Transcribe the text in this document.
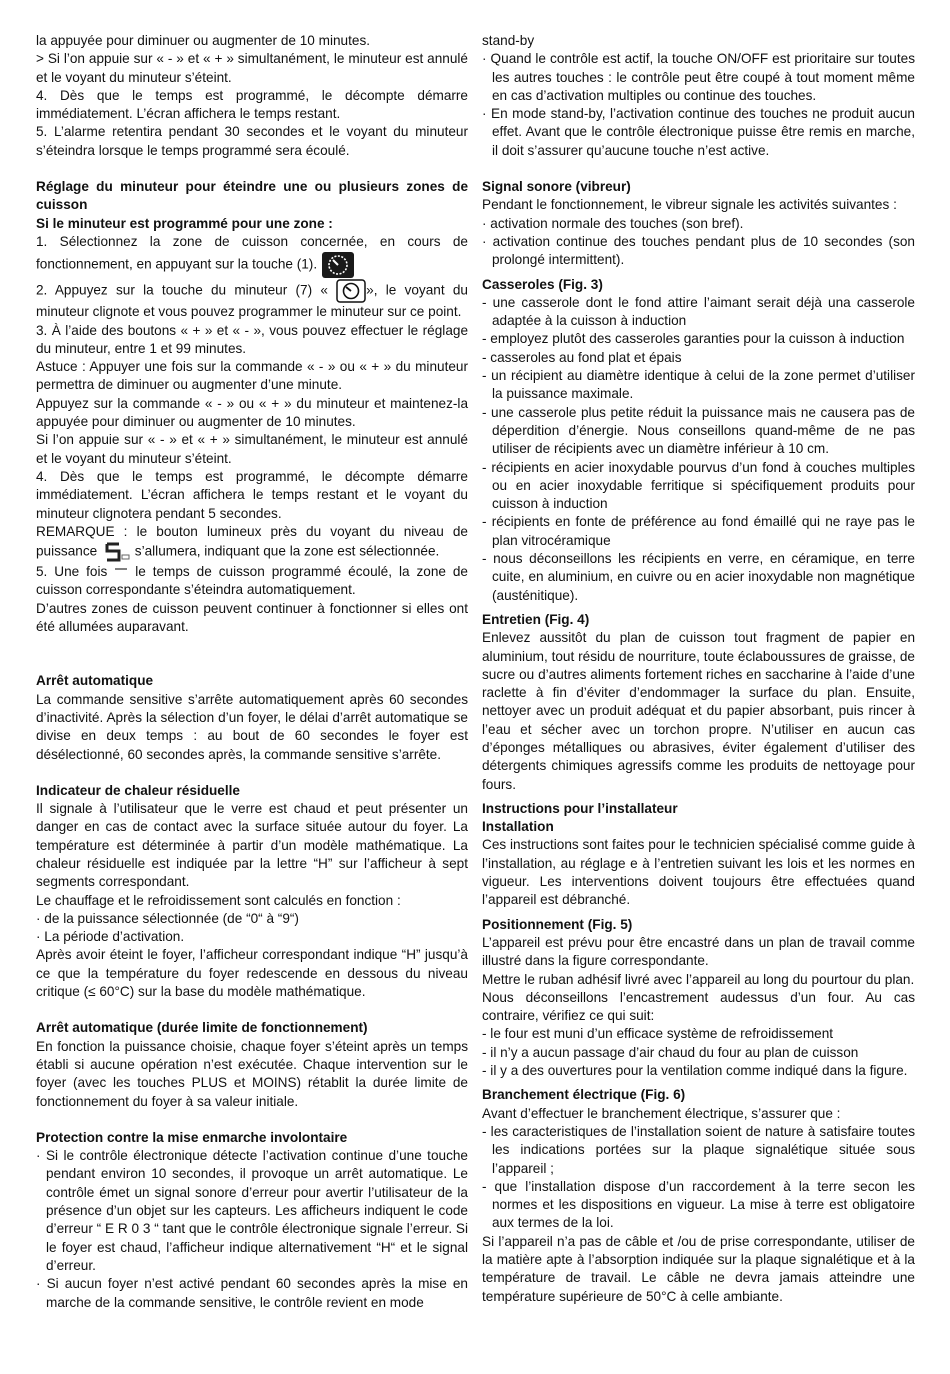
la appuyée pour diminuer ou augmenter de 10 minutes.

> Si l’on appuie sur « - » et « + » simultanément, le minuteur est annulé et le voyant du minuteur s’éteint.

4. Dès que le temps est programmé, le décompte démarre immédiatement. L’écran affichera le temps restant.

5. L’alarme retentira pendant 30 secondes et le voyant du minuteur s’éteindra lorsque le temps programmé sera écoulé.

Réglage du minuteur pour éteindre une ou plusieurs zones de cuisson

Si le minuteur est programmé pour une zone :

1. Sélectionnez la zone de cuisson concernée, en cours de fonctionnement, en appuyant sur la touche (1).

2. Appuyez sur la touche du minuteur (7) «	», le voyant du minuteur clignote et vous pouvez programmer le minuteur sur ce point.

3. À l’aide des boutons « + » et « - », vous pouvez effectuer le réglage du minuteur, entre 1 et 99 minutes.

Astuce : Appuyer une fois sur la commande « - » ou « + » du minuteur permettra de diminuer ou augmenter d’une minute.

Appuyez sur la commande « - » ou « + » du minuteur et maintenez-la appuyée pour diminuer ou augmenter de 10 minutes.

Si l’on appuie sur « - » et « + » simultanément, le minuteur est annulé et le voyant du minuteur s’éteint.

4. Dès que le temps est programmé, le décompte démarre immédiatement. L’écran affichera le temps restant et le voyant du minuteur clignotera pendant 5 secondes.

REMARQUE : le bouton lumineux près du voyant du niveau de puissance	s’allumera, indiquant que la zone est sélectionnée.

5. Une fois le temps de cuisson programmé écoulé, la zone de cuisson correspondante s’éteindra automatiquement.

D’autres zones de cuisson peuvent continuer à fonctionner si elles ont été allumées auparavant.

Arrêt automatique

La commande sensitive s’arrête automatiquement après 60 secondes d’inactivité. Après la sélection d’un foyer, le délai d’arrêt automatique se divise en deux temps : au bout de 60 secondes le foyer est désélectionné, 60 secondes après, la commande sensitive s’arrête.

Indicateur de chaleur résiduelle

Il signale à l’utilisateur que le verre est chaud et peut présenter un danger en cas de contact avec la surface située autour du foyer. La température est déterminée à partir d’un modèle mathématique. La chaleur résiduelle est indiquée par la lettre “H” sur l’afficheur à sept segments correspondant.

Le chauffage et le refroidissement sont calculés en fonction :

· de la puissance sélectionnée (de “0“ à “9“)

· La période d’activation.

Après avoir éteint le foyer, l’afficheur correspondant indique “H” jusqu’à ce que la température du foyer redescende en dessous du niveau critique (≤ 60°C) sur la base du modèle mathématique.

Arrêt automatique (durée limite de fonctionnement)

En fonction la puissance choisie, chaque foyer s’éteint après un temps établi si aucune opération n’est exécutée. Chaque intervention sur le foyer (avec les touches PLUS et MOINS) rétablit la durée limite de fonctionnement du foyer à sa valeur initiale.

Protection contre la mise enmarche involontaire

· Si le contrôle électronique détecte l’activation continue d’une touche pendant environ 10 secondes, il provoque un arrêt automatique. Le contrôle émet un signal sonore d’erreur pour avertir l’utilisateur de la présence d’un objet sur les capteurs. Les afficheurs indiquent le code d’erreur “ E R 0 3 “ tant que le contrôle électronique signale l’erreur. Si le foyer est chaud, l’afficheur indique alternativement “H“ et le signal d’erreur.

· Si aucun foyer n’est activé pendant 60 secondes après la mise en marche de la commande sensitive, le contrôle revient en mode

stand-by

· Quand le contrôle est actif, la touche ON/OFF est prioritaire sur toutes les autres touches : le contrôle peut être coupé à tout moment même en cas d’activation multiples ou continue des touches.

· En mode stand-by, l’activation continue des touches ne produit aucun effet. Avant que le contrôle électronique puisse être remis en marche, il doit s’assurer qu’aucune touche n’est active.

Signal sonore (vibreur)

Pendant le fonctionnement, le vibreur signale les activités suivantes :

· activation normale des touches (son bref).

· activation continue des touches pendant plus de 10 secondes (son prolongé intermittent).

Casseroles (Fig. 3)

- une casserole dont le fond attire l’aimant serait déjà una casserole adaptée à la cuisson à induction

- employez plutôt des casseroles garanties pour la cuisson à induction

- casseroles au fond plat et épais

- un récipient au diamètre identique à celui de la zone permet d’utiliser la puissance maximale.

- une casserole plus petite réduit la puissance mais ne causera pas de déperdition d’énergie. Nous conseillons quand-même de ne pas utiliser de récipients avec un diamètre inférieur à 10 cm.

- récipients en acier inoxydable pourvus d’un fond à couches multiples ou en acier inoxydable ferritique si spécifiquement produits pour cuisson à induction

- récipients en fonte de préférence au fond émaillé qui ne raye pas le plan vitrocéramique

- nous déconseillons les récipients en verre, en céramique, en terre cuite, en aluminium, en cuivre ou en acier inoxydable non magnétique (austénitique).

Entretien (Fig. 4)

Enlevez aussitôt du plan de cuisson tout fragment de papier en aluminium, tout résidu de nourriture, toute éclaboussures de graisse, de sucre ou d’autres aliments fortement riches en saccharine à l’aide d’une raclette à fin d’éviter d’endommager la surface du plan. Ensuite, nettoyer avec un produit adéquat et du papier absorbant, puis rincer à l’eau et sécher avec un torchon propre. N’utiliser en aucun cas d’éponges métalliques ou abrasives, éviter également d’utiliser des détergents chimiques agressifs comme les produits de nettoyage pour fours.

Instructions pour l’installateur

Installation

Ces instructions sont faites pour le technicien spécialisé comme guide à l’installation, au réglage e à l’entretien suivant les lois et les normes en vigueur. Les interventions doivent toujours être effectuées quand l’appareil est débranché.

Positionnement (Fig. 5)

L’appareil est prévu pour être encastré dans un plan de travail comme illustré dans la figure correspondante.

Mettre le ruban adhésif livré avec l’appareil au long du pourtour du plan.

Nous déconseillons l’encastrement audessus d’un four. Au cas contraire, vérifiez ce qui suit:

- le four est muni d’un efficace système de refroidissement

- il n’y a aucun passage d’air chaud du four au plan de cuisson

- il y a des ouvertures pour la ventilation comme indiqué dans la figure.

Branchement électrique (Fig. 6)

Avant d’effectuer le branchement électrique, s’assurer que :

- les caracteristiques de l’installation soient de nature à satisfaire toutes les indications portées sur la plaque signalétique située sous l’appareil ;

- que l’installation dispose d’un raccordement à la terre secon les normes et les dispositions en vigueur. La mise à terre est obligatoire aux termes de la loi.

Si l’appareil n’a pas de câble et /ou de prise correspondante, utiliser de la matière apte à l’absorption indiquée sur la plaque signalétique et à la température de travail. Le câble ne devra jamais atteindre une température supérieure de 50°C à celle ambiante.
